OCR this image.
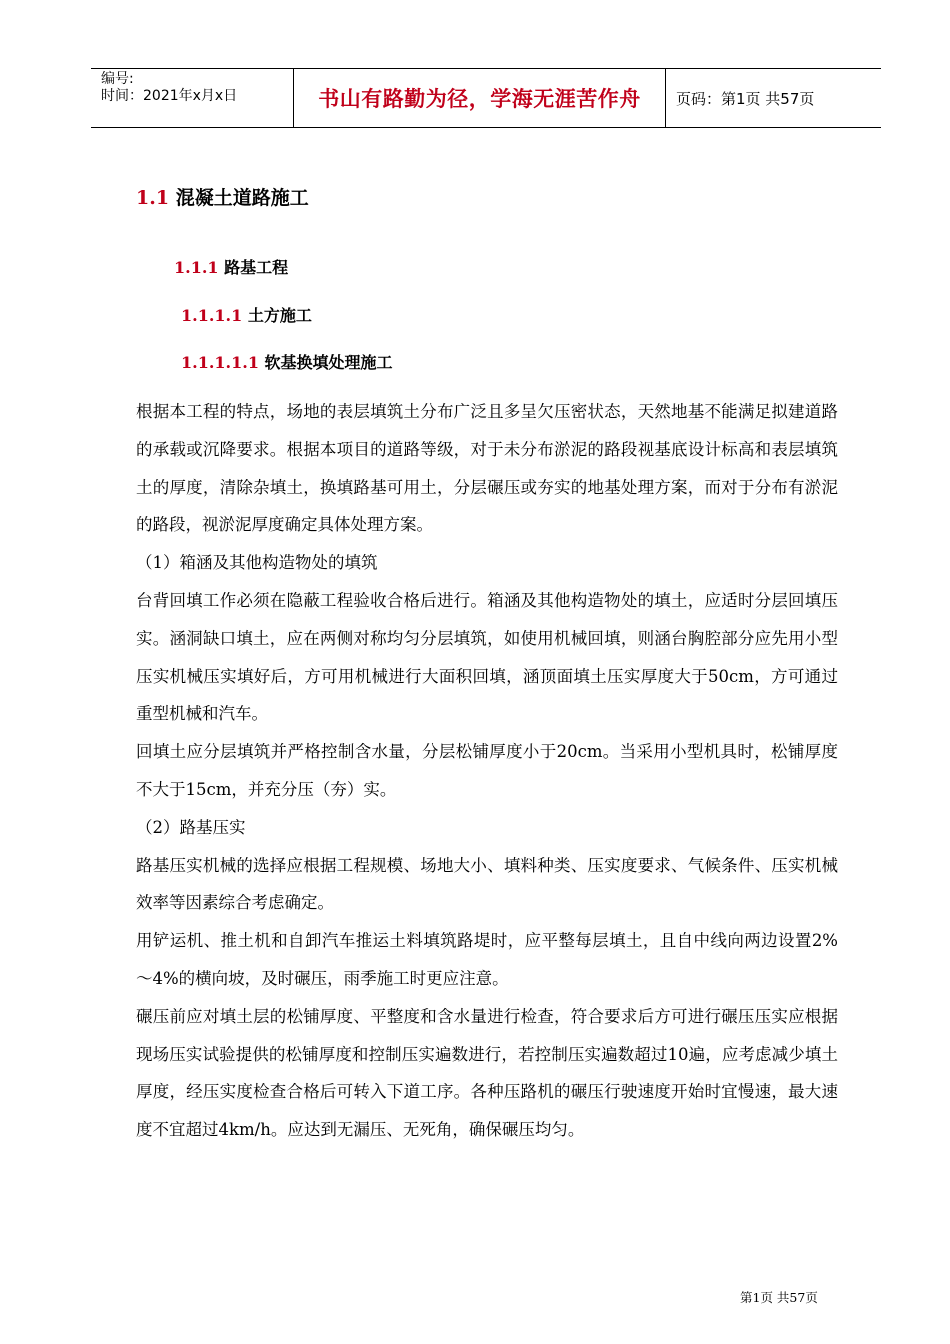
编号:
时间：2021年x月x日	书山有路勤为径，学海无涯苦作舟	页码：第1页 共57页
1.1 混凝土道路施工
1.1.1 路基工程
1.1.1.1 土方施工
1.1.1.1.1 软基换填处理施工

根据本工程的特点，场地的表层填筑土分布广泛且多呈欠压密状态，天然地基不能满足拟建道路的承载或沉降要求。根据本项目的道路等级，对于未分布淤泥的路段视基底设计标高和表层填筑土的厚度，清除杂填土，换填路基可用土，分层碾压或夯实的地基处理方案，而对于分布有淤泥的路段，视淤泥厚度确定具体处理方案。

（1）箱涵及其他构造物处的填筑

台背回填工作必须在隐蔽工程验收合格后进行。箱涵及其他构造物处的填土，应适时分层回填压实。涵洞缺口填土，应在两侧对称均匀分层填筑，如使用机械回填，则涵台胸腔部分应先用小型压实机械压实填好后，方可用机械进行大面积回填，涵顶面填土压实厚度大于50cm，方可通过重型机械和汽车。

回填土应分层填筑并严格控制含水量，分层松铺厚度小于20cm。当采用小型机具时，松铺厚度不大于15cm，并充分压（夯）实。

（2）路基压实

路基压实机械的选择应根据工程规模、场地大小、填料种类、压实度要求、气候条件、压实机械效率等因素综合考虑确定。

用铲运机、推土机和自卸汽车推运土料填筑路堤时，应平整每层填土，且自中线向两边设置2%～4%的横向坡，及时碾压，雨季施工时更应注意。

碾压前应对填土层的松铺厚度、平整度和含水量进行检查，符合要求后方可进行碾压压实应根据现场压实试验提供的松铺厚度和控制压实遍数进行，若控制压实遍数超过10遍，应考虑减少填土厚度，经压实度检查合格后可转入下道工序。各种压路机的碾压行驶速度开始时宜慢速，最大速度不宜超过4km/h。应达到无漏压、无死角，确保碾压均匀。

第1页 共57页
